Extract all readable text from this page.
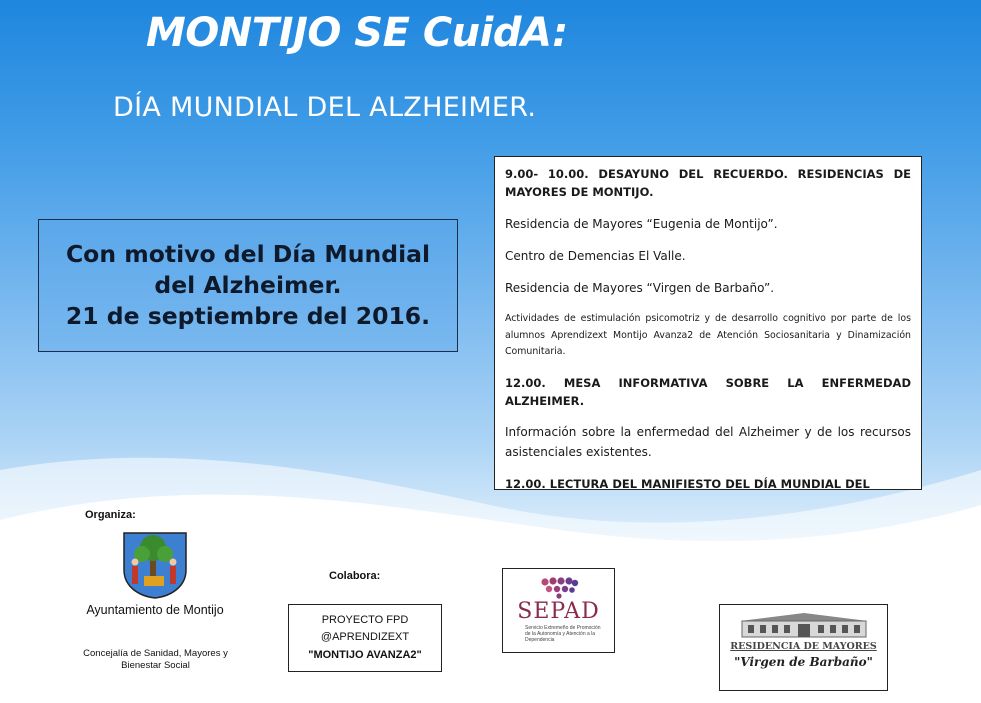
MONTIJO SE CuidA:
DÍA MUNDIAL DEL ALZHEIMER.
Con motivo del Día Mundial
del Alzheimer.
21 de septiembre del 2016.

9.00- 10.00. DESAYUNO DEL RECUERDO. RESIDENCIAS DE MAYORES DE MONTIJO.

Residencia de Mayores “Eugenia de Montijo”.

Centro de Demencias El Valle.

Residencia de Mayores “Virgen de Barbaño”.

Actividades de estimulación psicomotriz y de desarrollo cognitivo por parte de los alumnos Aprendizext Montijo Avanza2 de Atención Sociosanitaria y Dinamización Comunitaria.

12.00. MESA INFORMATIVA SOBRE LA ENFERMEDAD ALZHEIMER.

Información sobre la enfermedad del Alzheimer y de los recursos asistenciales existentes.

12.00. LECTURA DEL MANIFIESTO DEL DÍA MUNDIAL DEL

Organiza:
Ayuntamiento de Montijo
Concejalía de Sanidad, Mayores y Bienestar Social
Colabora:
PROYECTO FPD
@APRENDIZEXT
"MONTIJO AVANZA2"
SEPAD
Servicio Extremeño de Promoción de la Autonomía y Atención a la Dependencia
RESIDENCIA DE MAYORES
"Virgen de Barbaño"
